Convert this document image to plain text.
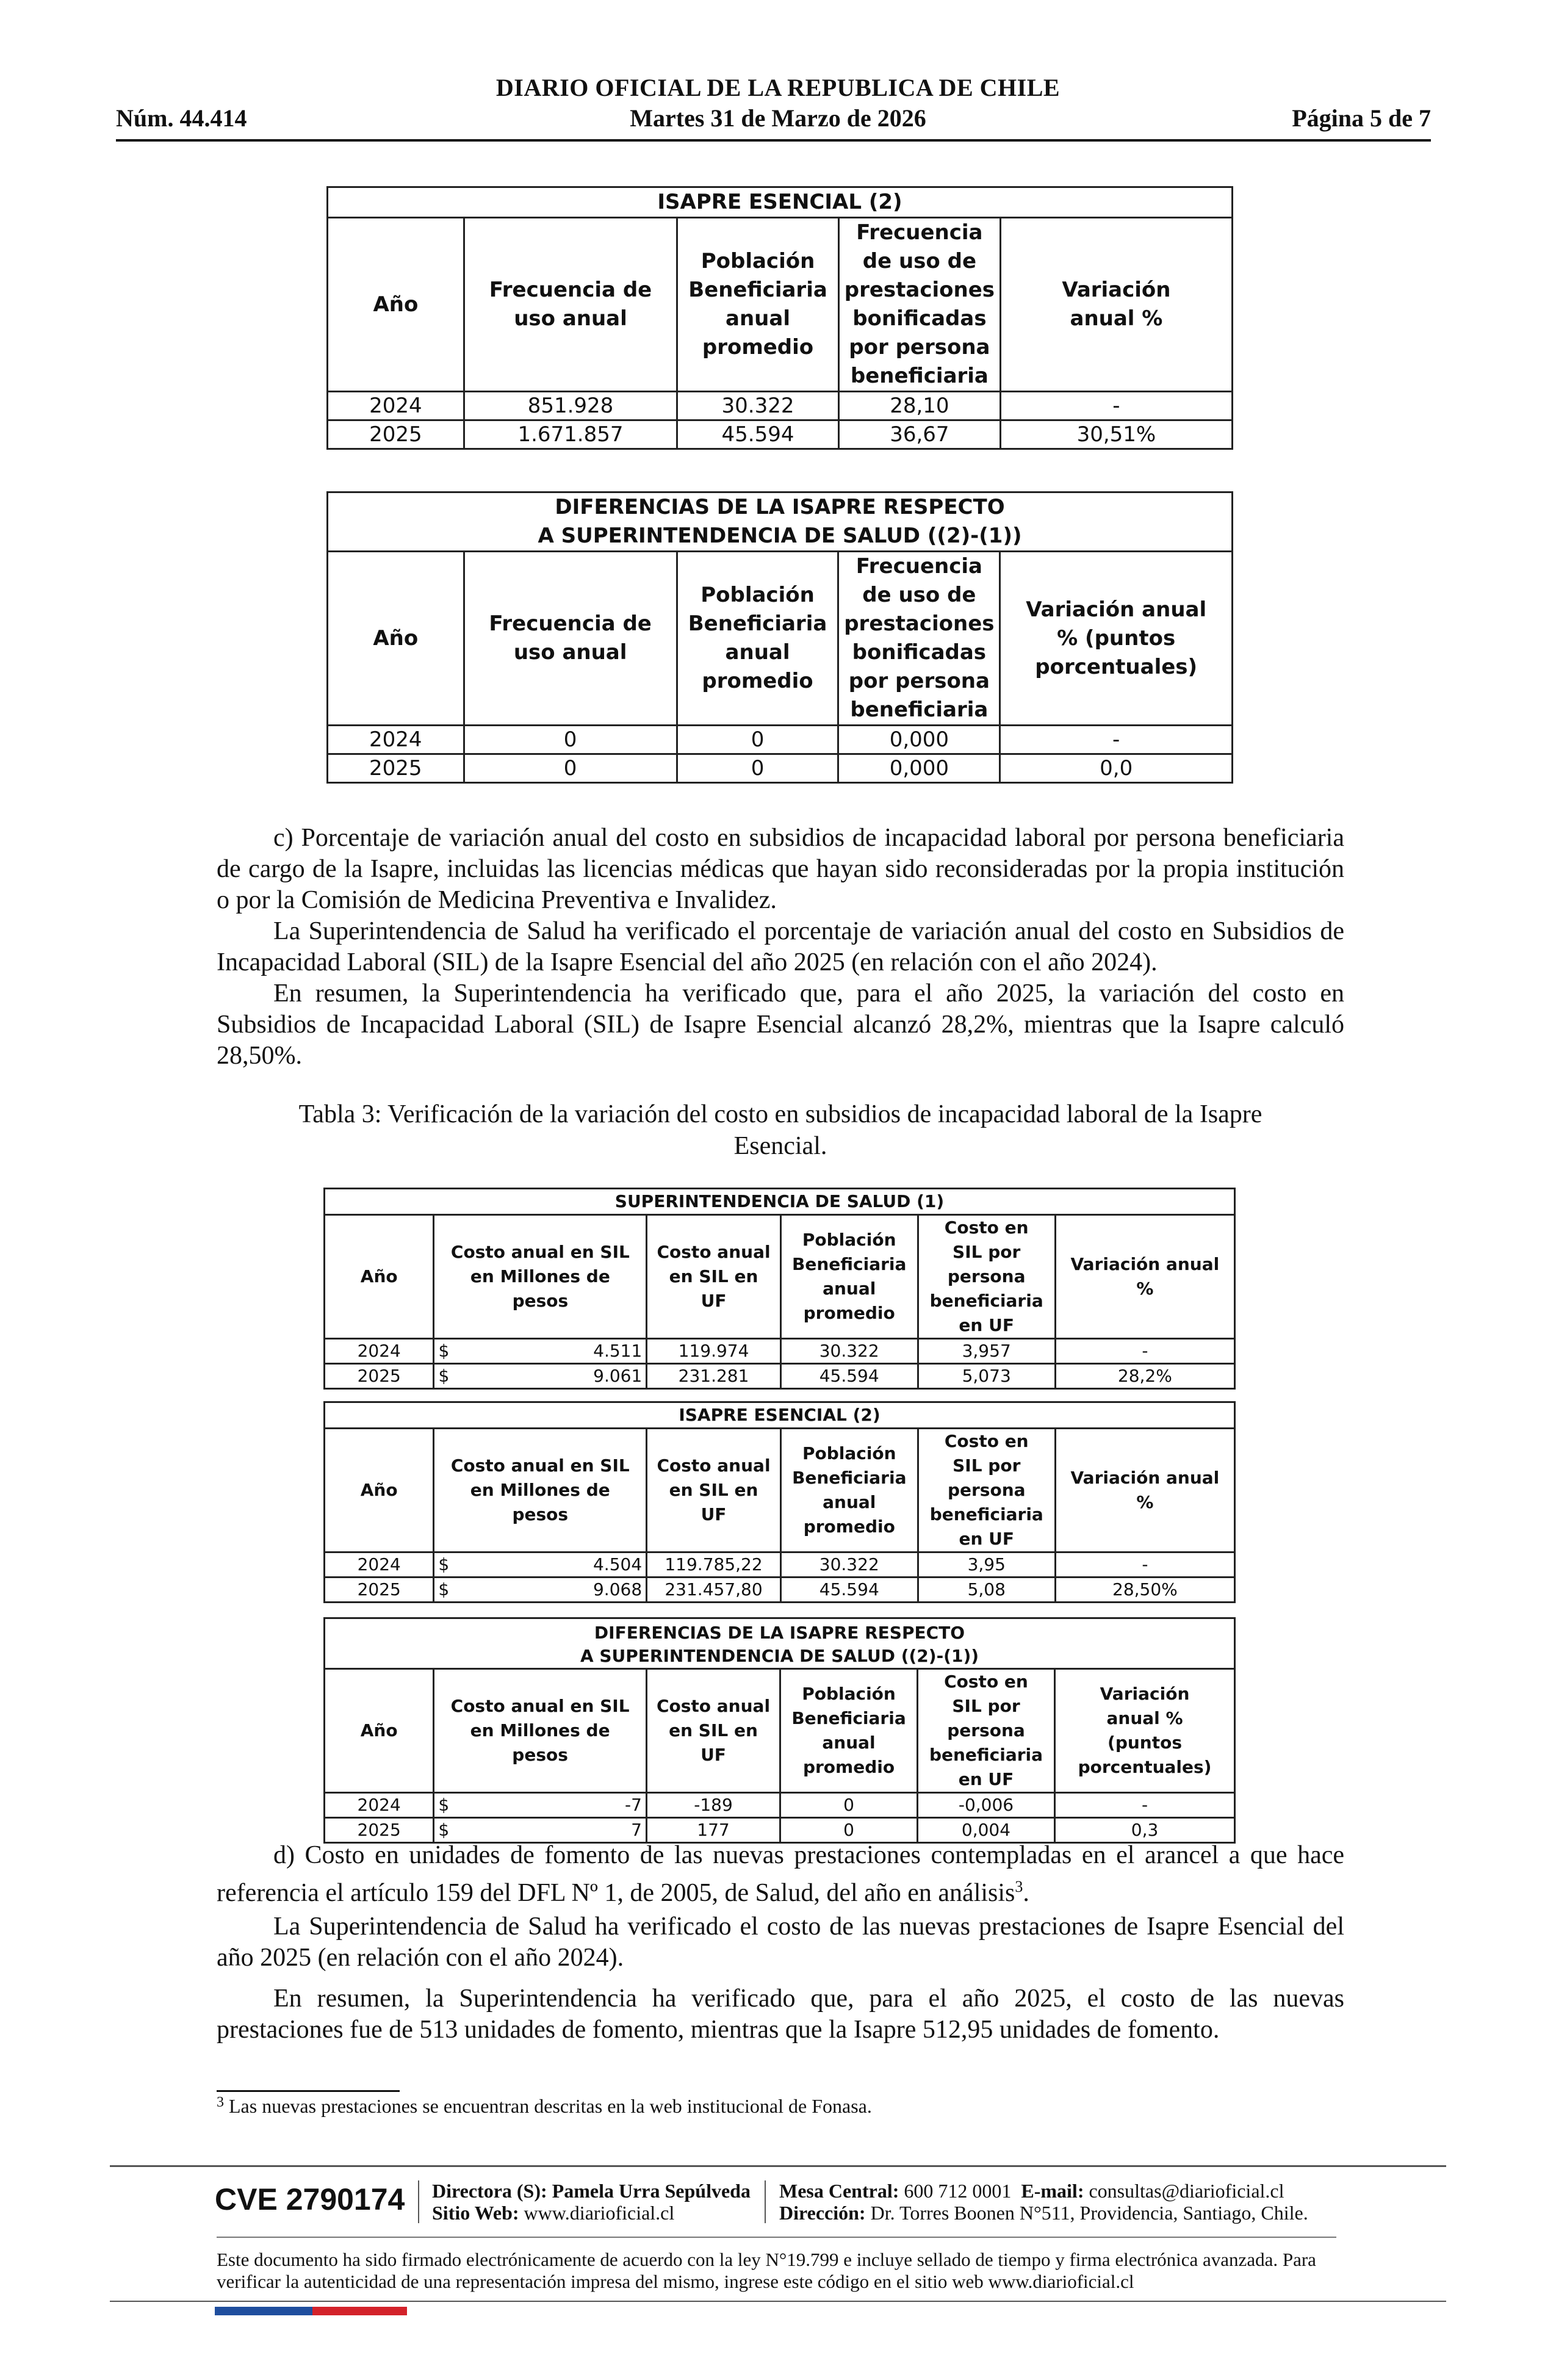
DIARIO OFICIAL DE LA REPUBLICA DE CHILE
Núm. 44.414	Martes 31 de Marzo de 2026	Página 5 de 7
ISAPRE ESENCIAL (2)				
Año	Frecuencia de uso anual	Población Beneficiaria anual promedio	Frecuencia de uso de prestaciones bonificadas por persona beneficiaria	Variación anual %
2024	851.928	30.322	28,10	-
2025	1.671.857	45.594	36,67	30,51%
DIFERENCIAS DE LA ISAPRE RESPECTO
A SUPERINTENDENCIA DE SALUD ((2)-(1))				

Año	Frecuencia de uso anual	Población Beneficiaria anual promedio	Frecuencia de uso de prestaciones bonificadas por persona beneficiaria	Variación anual % (puntos porcentuales)
2024	0	0	0,000	-
2025	0	0	0,000	0,0
c) Porcentaje de variación anual del costo en subsidios de incapacidad laboral por persona beneficiaria de cargo de la Isapre, incluidas las licencias médicas que hayan sido reconsideradas por la propia institución o por la Comisión de Medicina Preventiva e Invalidez.
La Superintendencia de Salud ha verificado el porcentaje de variación anual del costo en Subsidios de Incapacidad Laboral (SIL) de la Isapre Esencial del año 2025 (en relación con el año 2024).
En resumen, la Superintendencia ha verificado que, para el año 2025, la variación del costo en Subsidios de Incapacidad Laboral (SIL) de Isapre Esencial alcanzó 28,2%, mientras que la Isapre calculó 28,50%.
Tabla 3: Verificación de la variación del costo en subsidios de incapacidad laboral de la Isapre Esencial.
SUPERINTENDENCIA DE SALUD (1)						
Año	Costo anual en SIL en Millones de pesos		Costo anual en SIL en UF	Población Beneficiaria anual promedio	Costo en SIL por persona beneficiaria en UF	Variación anual %
2024	$	4.511	119.974	30.322	3,957	-
2025	$	9.061	231.281	45.594	5,073	28,2%
ISAPRE ESENCIAL (2)						
Año	Costo anual en SIL en Millones de pesos		Costo anual en SIL en UF	Población Beneficiaria anual promedio	Costo en SIL por persona beneficiaria en UF	Variación anual %
2024	$	4.504	119.785,22	30.322	3,95	-
2025	$	9.068	231.457,80	45.594	5,08	28,50%
DIFERENCIAS DE LA ISAPRE RESPECTO
A SUPERINTENDENCIA DE SALUD ((2)-(1))						

Año	Costo anual en SIL en Millones de pesos		Costo anual en SIL en UF	Población Beneficiaria anual promedio	Costo en SIL por persona beneficiaria en UF	Variación anual % (puntos porcentuales)
2024	$	-7	-189	0	-0,006	-
2025	$	7	177	0	0,004	0,3
d) Costo en unidades de fomento de las nuevas prestaciones contempladas en el arancel a que hace referencia el artículo 159 del DFL Nº 1, de 2005, de Salud, del año en análisis$^3$.
La Superintendencia de Salud ha verificado el costo de las nuevas prestaciones de Isapre Esencial del año 2025 (en relación con el año 2024).
En resumen, la Superintendencia ha verificado que, para el año 2025, el costo de las nuevas prestaciones fue de 513 unidades de fomento, mientras que la Isapre 512,95 unidades de fomento.
$^3$ Las nuevas prestaciones se encuentran descritas en la web institucional de Fonasa.
CVE 2790174 Directora (S): Pamela Urra Sepúlveda
Sitio Web: www.diarioficial.cl
Mesa Central: 600 712 0001 E-mail: consultas@diarioficial.cl
Dirección: Dr. Torres Boonen N°511, Providencia, Santiago, Chile.
Este documento ha sido firmado electrónicamente de acuerdo con la ley N°19.799 e incluye sellado de tiempo y firma electrónica avanzada. Para verificar la autenticidad de una representación impresa del mismo, ingrese este código en el sitio web www.diarioficial.cl
